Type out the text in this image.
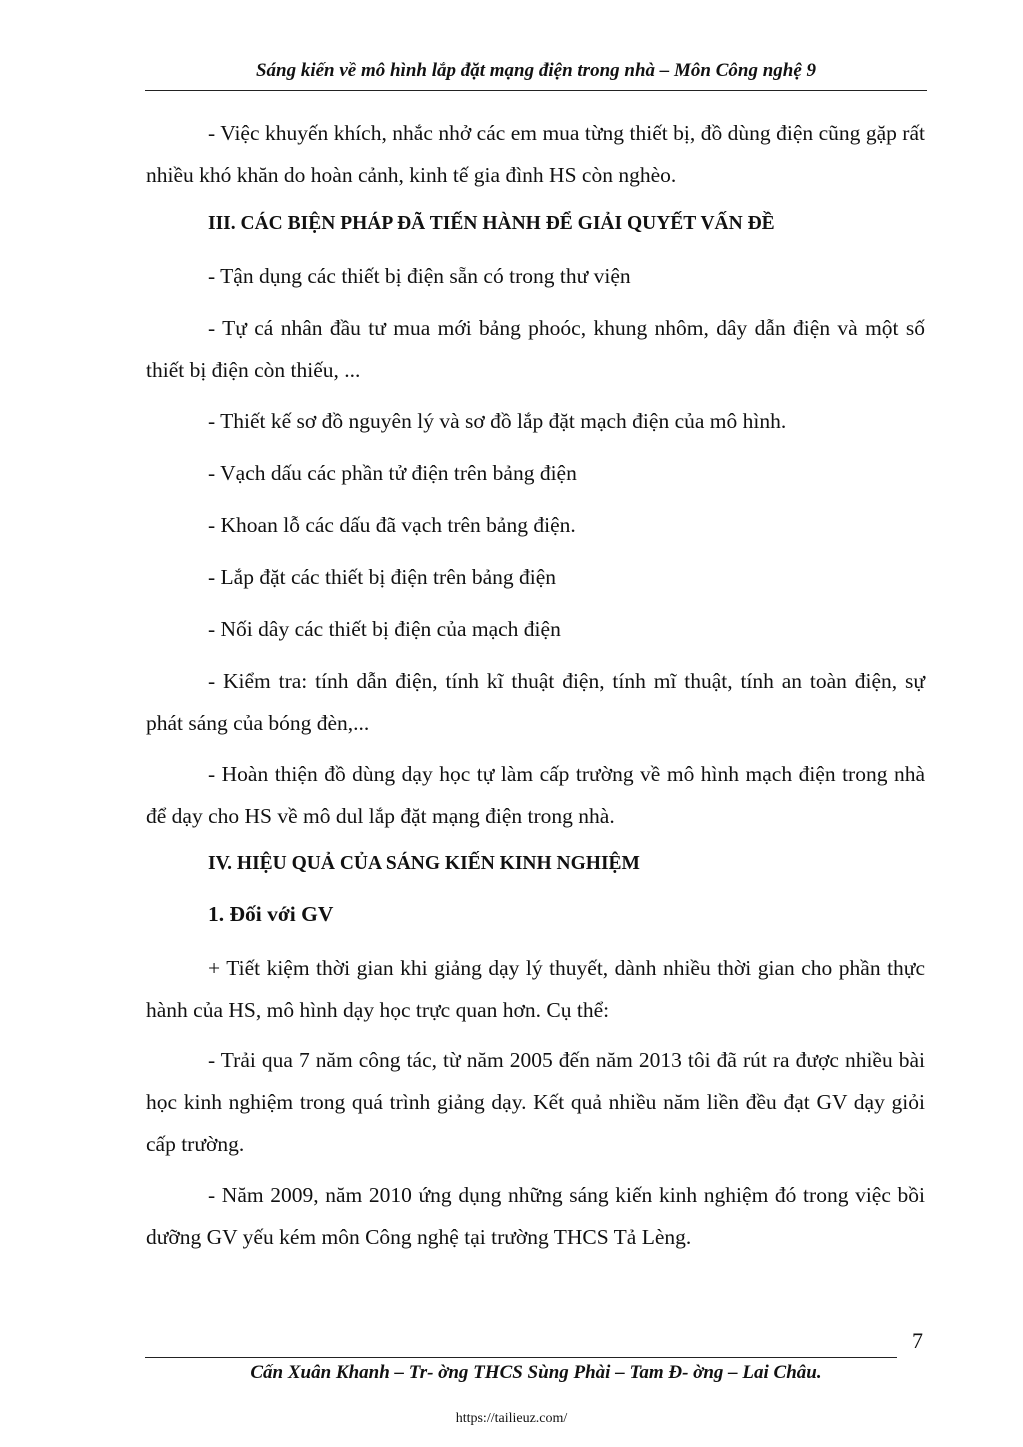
Sáng kiến về mô hình lắp đặt mạng điện trong nhà – Môn Công nghệ 9

- Việc khuyến khích, nhắc nhở các em mua từng thiết bị, đồ dùng điện cũng gặp rất nhiều khó khăn do hoàn cảnh, kinh tế gia đình HS còn nghèo.

III. CÁC BIỆN PHÁP ĐÃ TIẾN HÀNH ĐỂ GIẢI QUYẾT VẤN ĐỀ

- Tận dụng các thiết bị điện sẵn có trong thư viện

- Tự cá nhân đầu tư mua mới bảng phoóc, khung nhôm, dây dẫn điện và một số thiết bị điện còn thiếu, ...

- Thiết kế sơ đồ nguyên lý và sơ đồ lắp đặt mạch điện của mô hình.

- Vạch dấu các phần tử điện trên bảng điện

- Khoan lỗ các dấu đã vạch trên bảng điện.

- Lắp đặt các thiết bị điện trên bảng điện

- Nối dây các thiết bị điện của mạch điện

- Kiểm tra: tính dẫn điện, tính kĩ thuật điện, tính mĩ thuật, tính an toàn điện, sự phát sáng của bóng đèn,...

- Hoàn thiện đồ dùng dạy học tự làm cấp trường về mô hình mạch điện trong nhà để dạy cho HS về mô dul lắp đặt mạng điện trong nhà.

IV. HIỆU QUẢ CỦA SÁNG KIẾN KINH NGHIỆM
1. Đối với GV

+ Tiết kiệm thời gian khi giảng dạy lý thuyết, dành nhiều thời gian cho phần thực hành của HS, mô hình dạy học trực quan hơn. Cụ thể:

- Trải qua 7 năm công tác, từ năm 2005 đến năm 2013 tôi đã rút ra được nhiều bài học kinh nghiệm trong quá trình giảng dạy. Kết quả nhiều năm liền đều đạt GV dạy giỏi cấp trường.

- Năm 2009, năm 2010 ứng dụng những sáng kiến kinh nghiệm đó trong việc bồi dưỡng GV yếu kém môn Công nghệ tại trường THCS Tả Lèng.

7
Cấn Xuân Khanh – Tr- ờng THCS Sùng Phài – Tam Đ- ờng – Lai Châu.
https://tailieuz.com/
